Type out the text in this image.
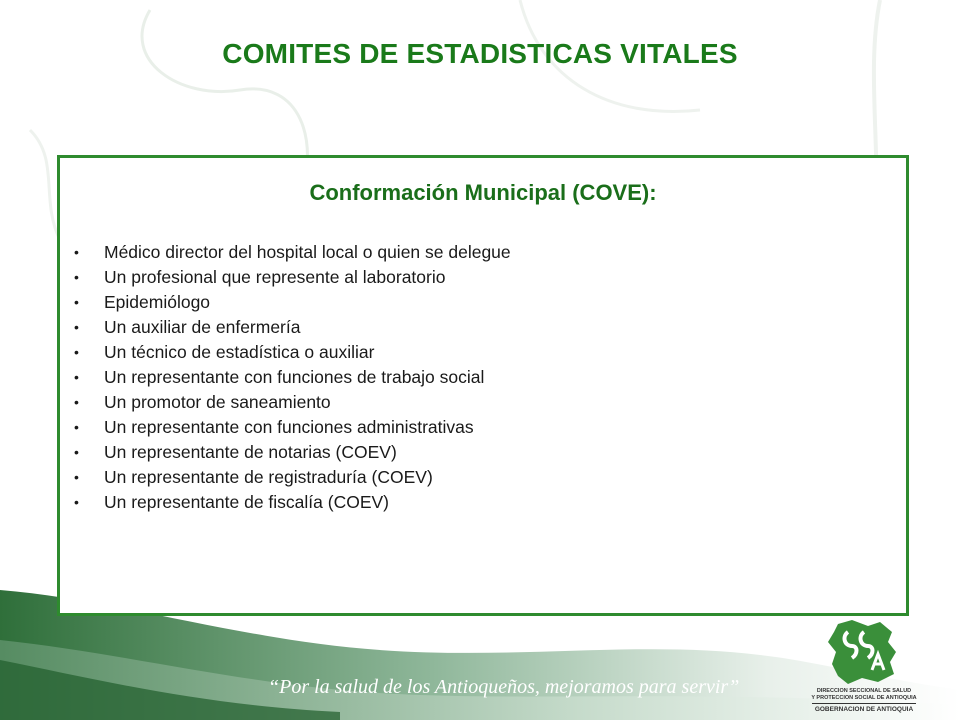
COMITES DE ESTADISTICAS VITALES
Conformación Municipal (COVE):
• Médico director del hospital local o quien se delegue
• Un profesional que represente al laboratorio
• Epidemiólogo
• Un auxiliar de enfermería
• Un técnico de estadística o auxiliar
• Un representante con funciones de trabajo social
• Un promotor de saneamiento
• Un representante con funciones administrativas
• Un representante de notarias (COEV)
• Un representante de registraduría (COEV)
• Un representante de fiscalía (COEV)
“Por la salud de los Antioqueños, mejoramos para servir”	DIRECCION SECCIONAL DE SALUD
Y PROTECCION SOCIAL DE ANTIOQUIA
GOBERNACION DE ANTIOQUIA
